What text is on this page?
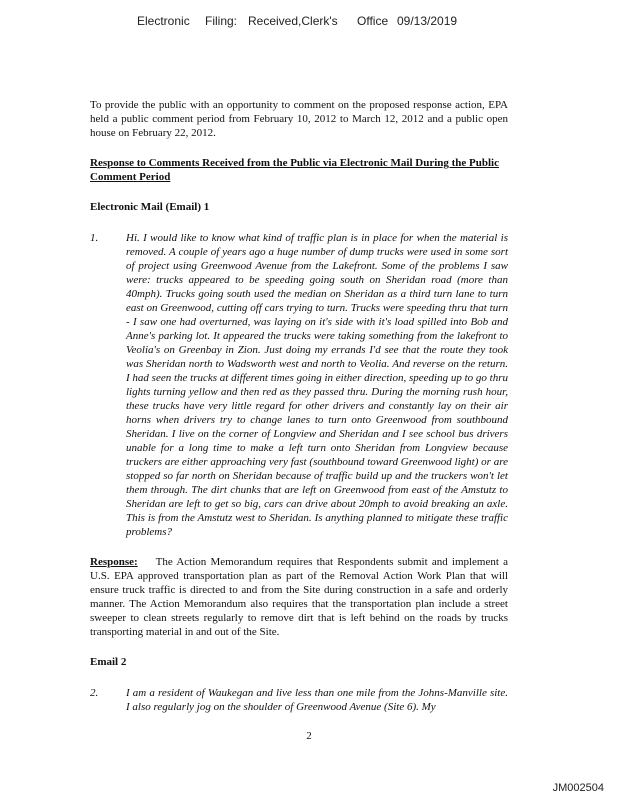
Electronic Filing: Received,Clerk's Office 09/13/2019

To provide the public with an opportunity to comment on the proposed response action, EPA held a public comment period from February 10, 2012 to March 12, 2012 and a public open house on February 22, 2012.

Response to Comments Received from the Public via Electronic Mail During the Public Comment Period

Electronic Mail (Email) 1

1.	Hi. I would like to know what kind of traffic plan is in place for when the material is removed. A couple of years ago a huge number of dump trucks were used in some sort of project using Greenwood Avenue from the Lakefront. Some of the problems I saw were: trucks appeared to be speeding going south on Sheridan road (more than 40mph). Trucks going south used the median on Sheridan as a third turn lane to turn east on Greenwood, cutting off cars trying to turn. Trucks were speeding thru that turn - I saw one had overturned, was laying on it's side with it's load spilled into Bob and Anne's parking lot. It appeared the trucks were taking something from the lakefront to Veolia's on Greenbay in Zion. Just doing my errands I'd see that the route they took was Sheridan north to Wadsworth west and north to Veolia. And reverse on the return. I had seen the trucks at different times going in either direction, speeding up to go thru lights turning yellow and then red as they passed thru. During the morning rush hour, these trucks have very little regard for other drivers and constantly lay on their air horns when drivers try to change lanes to turn onto Greenwood from southbound Sheridan. I live on the corner of Longview and Sheridan and I see school bus drivers unable for a long time to make a left turn onto Sheridan from Longview because truckers are either approaching very fast (southbound toward Greenwood light) or are stopped so far north on Sheridan because of traffic build up and the truckers won't let them through. The dirt chunks that are left on Greenwood from east of the Amstutz to Sheridan are left to get so big, cars can drive about 20mph to avoid breaking an axle. This is from the Amstutz west to Sheridan. Is anything planned to mitigate these traffic problems?

Response: The Action Memorandum requires that Respondents submit and implement a U.S. EPA approved transportation plan as part of the Removal Action Work Plan that will ensure truck traffic is directed to and from the Site during construction in a safe and orderly manner. The Action Memorandum also requires that the transportation plan include a street sweeper to clean streets regularly to remove dirt that is left behind on the roads by trucks transporting material in and out of the Site.

Email 2

2.	I am a resident of Waukegan and live less than one mile from the Johns-Manville site. I also regularly jog on the shoulder of Greenwood Avenue (Site 6). My
2
JM002504
